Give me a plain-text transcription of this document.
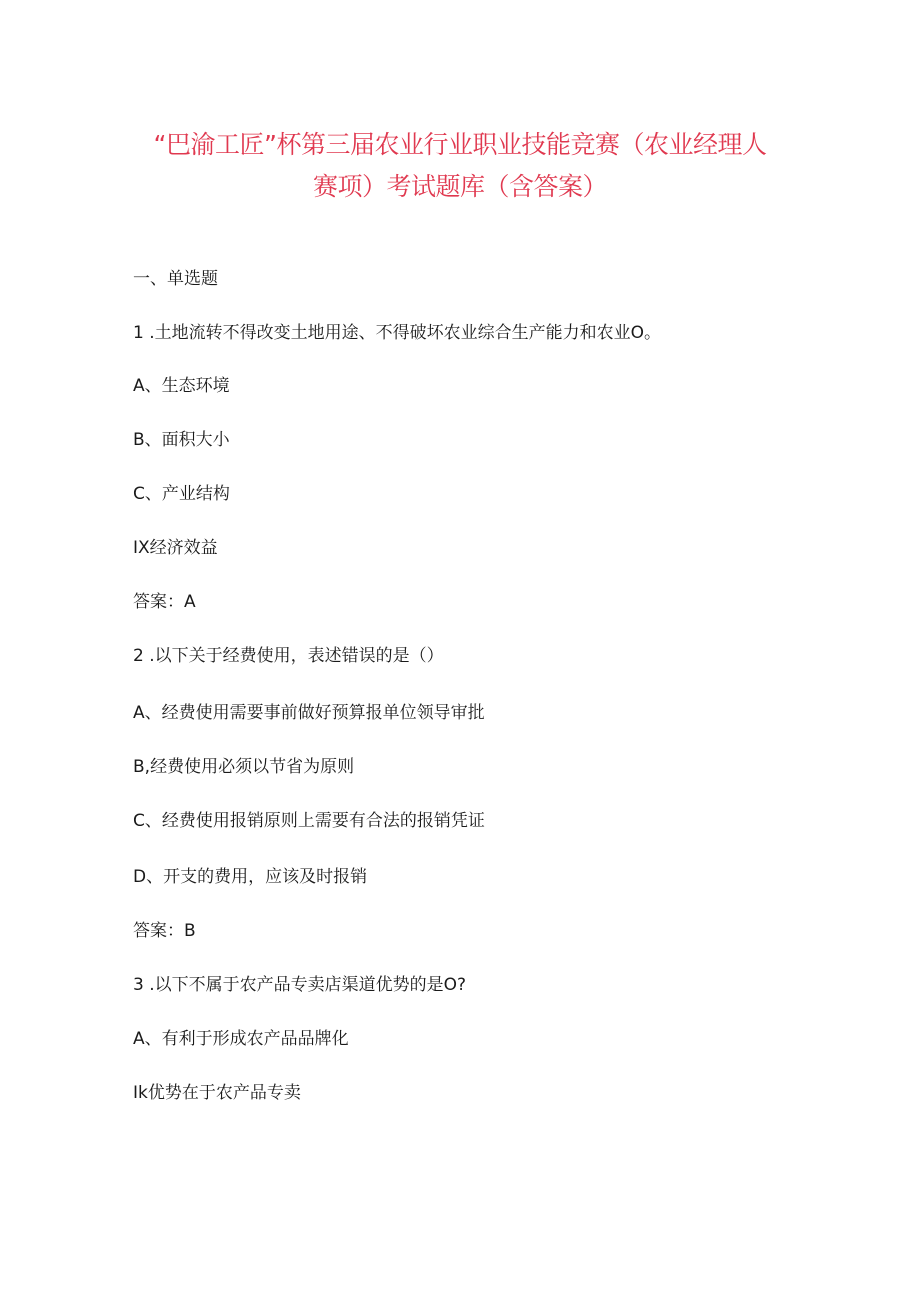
“巴渝工匠”杯第三届农业行业职业技能竞赛（农业经理人
赛项）考试题库（含答案）
一、单选题
1 .土地流转不得改变土地用途、不得破坏农业综合生产能力和农业O。
A、生态环境
B、面积大小
C、产业结构
IX经济效益
答案：A
2 .以下关于经费使用，表述错误的是（）
A、经费使用需要事前做好预算报单位领导审批
B,经费使用必须以节省为原则
C、经费使用报销原则上需要有合法的报销凭证
D、开支的费用，应该及时报销
答案：B
3 .以下不属于农产品专卖店渠道优势的是O?
A、有利于形成农产品品牌化
Ik优势在于农产品专卖
